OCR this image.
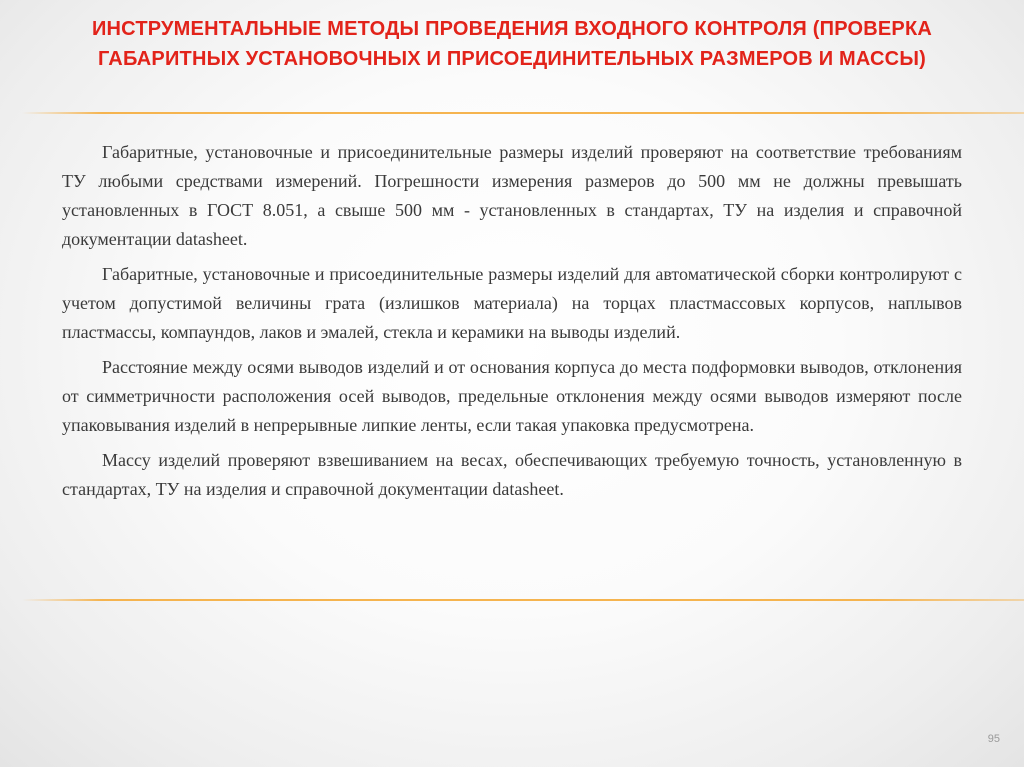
ИНСТРУМЕНТАЛЬНЫЕ МЕТОДЫ ПРОВЕДЕНИЯ ВХОДНОГО КОНТРОЛЯ (ПРОВЕРКА ГАБАРИТНЫХ УСТАНОВОЧНЫХ И ПРИСОЕДИНИТЕЛЬНЫХ РАЗМЕРОВ И МАССЫ)

Габаритные, установочные и присоединительные размеры изделий проверяют на соответствие требованиям ТУ любыми средствами измерений. Погрешности измерения размеров до 500 мм не должны превышать установленных в ГОСТ 8.051, а свыше 500 мм - установленных в стандартах, ТУ на изделия и справочной документации datasheet.

Габаритные, установочные и присоединительные размеры изделий для автоматической сборки контролируют с учетом допустимой величины грата (излишков материала) на торцах пластмассовых корпусов, наплывов пластмассы, компаундов, лаков и эмалей, стекла и керамики на выводы изделий.

Расстояние между осями выводов изделий и от основания корпуса до места подформовки выводов, отклонения от симметричности расположения осей выводов, предельные отклонения между осями выводов измеряют после упаковывания изделий в непрерывные липкие ленты, если такая упаковка предусмотрена.

Массу изделий проверяют взвешиванием на весах, обеспечивающих требуемую точность, установленную в стандартах, ТУ на изделия и справочной документации datasheet.

95
